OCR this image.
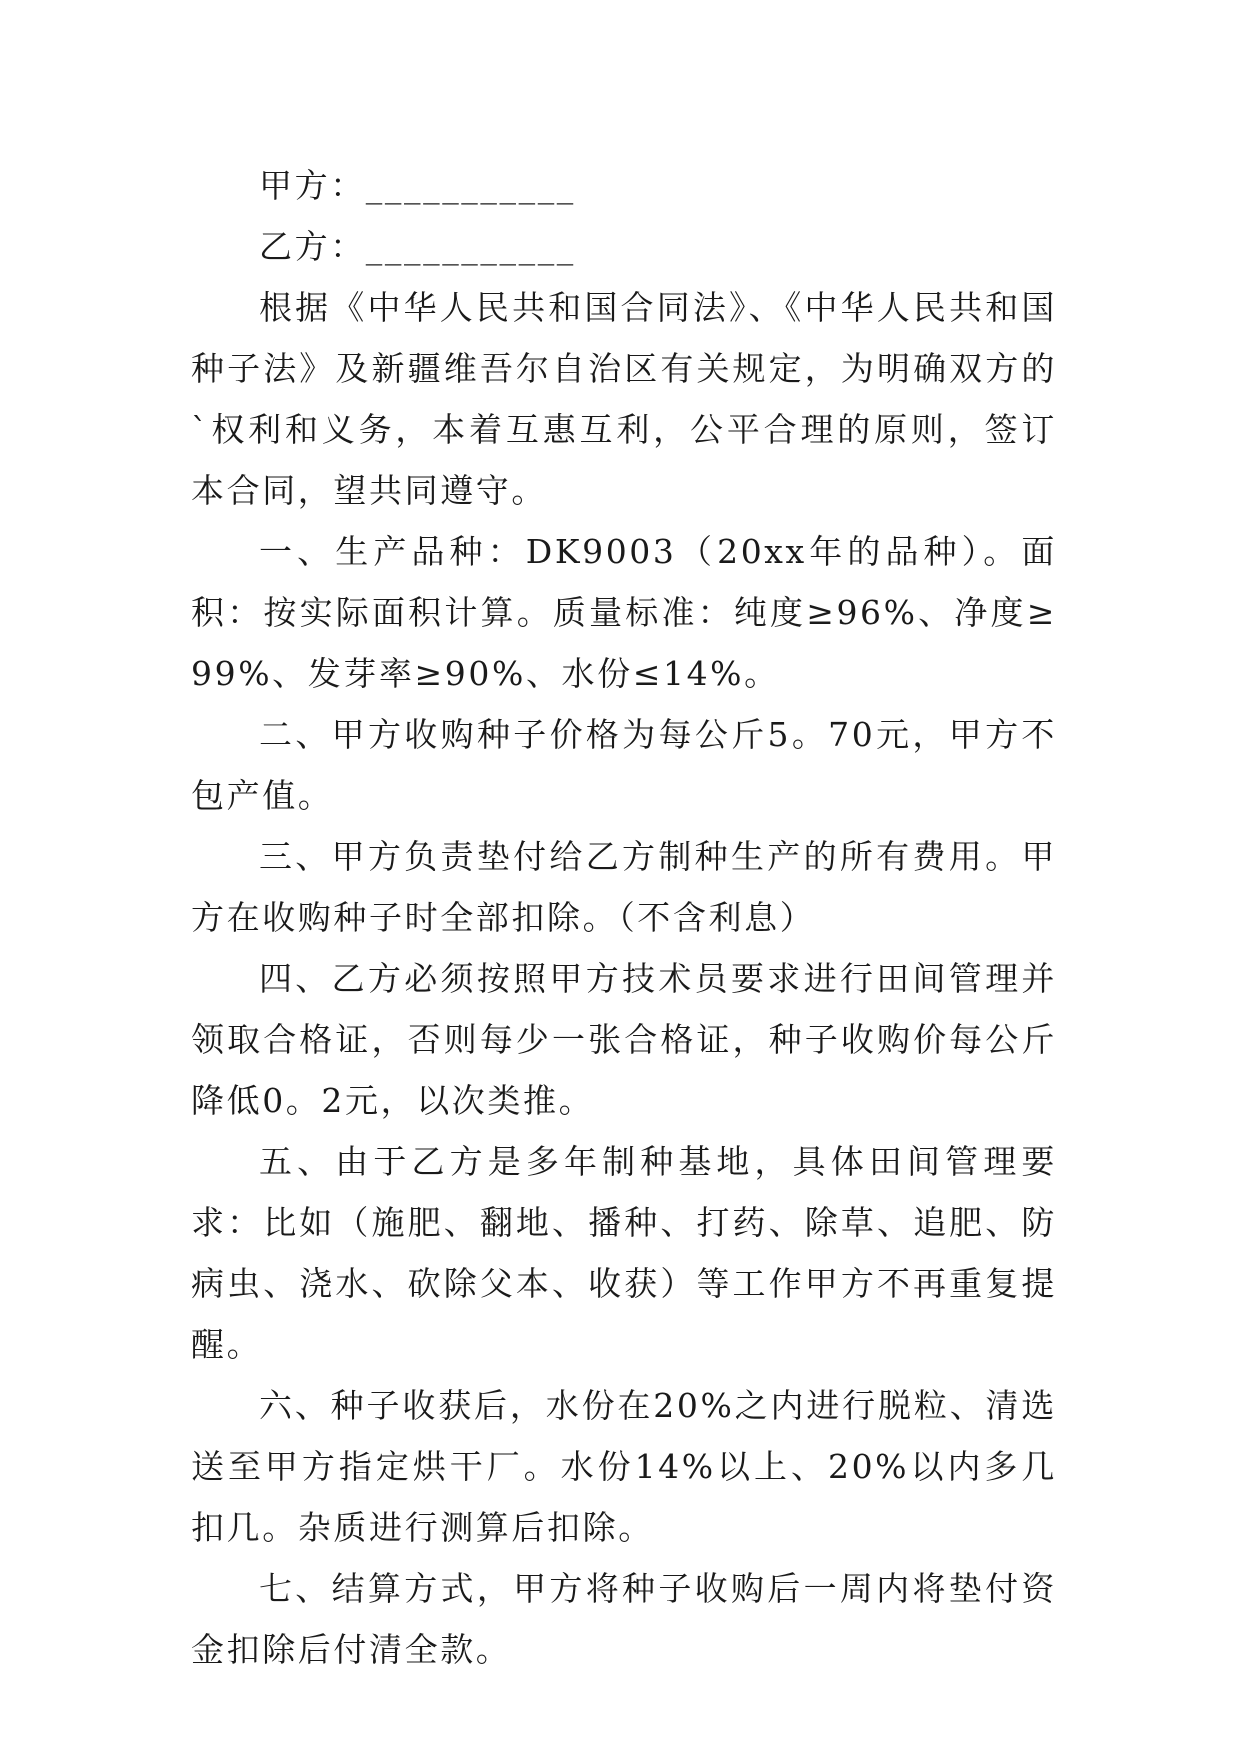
甲方：___________

乙方：___________

根据《中华人民共和国合同法》、《中华人民共和国种子法》及新疆维吾尔自治区有关规定，为明确双方的`权利和义务，本着互惠互利，公平合理的原则，签订本合同，望共同遵守。

一、生产品种：DK9003（20xx年的品种）。面积：按实际面积计算。质量标准：纯度≥96%、净度≥99%、发芽率≥90%、水份≤14%。

二、甲方收购种子价格为每公斤5。70元，甲方不包产值。

三、甲方负责垫付给乙方制种生产的所有费用。甲方在收购种子时全部扣除。（不含利息）

四、乙方必须按照甲方技术员要求进行田间管理并领取合格证，否则每少一张合格证，种子收购价每公斤降低0。2元，以次类推。

五、由于乙方是多年制种基地，具体田间管理要求：比如（施肥、翻地、播种、打药、除草、追肥、防病虫、浇水、砍除父本、收获）等工作甲方不再重复提醒。

六、种子收获后，水份在20%之内进行脱粒、清选送至甲方指定烘干厂。水份14%以上、20%以内多几扣几。杂质进行测算后扣除。

七、结算方式，甲方将种子收购后一周内将垫付资金扣除后付清全款。
